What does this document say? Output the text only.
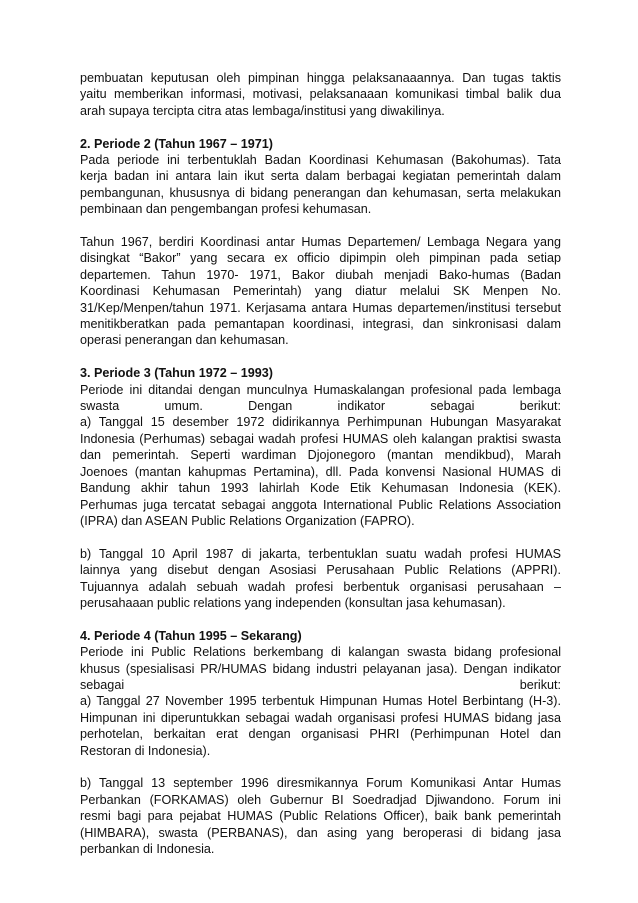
pembuatan keputusan oleh pimpinan hingga pelaksanaaannya. Dan tugas taktis
yaitu memberikan informasi, motivasi, pelaksanaaan komunikasi timbal balik dua
arah supaya tercipta citra atas lembaga/institusi yang diwakilinya.
2. Periode 2 (Tahun 1967 – 1971)
Pada periode ini terbentuklah Badan Koordinasi Kehumasan (Bakohumas). Tata
kerja badan ini antara lain ikut serta dalam berbagai kegiatan pemerintah dalam
pembangunan, khususnya di bidang penerangan dan kehumasan, serta melakukan
pembinaan dan pengembangan profesi kehumasan.
Tahun 1967, berdiri Koordinasi antar Humas Departemen/ Lembaga Negara yang
disingkat “Bakor” yang secara ex officio dipimpin oleh pimpinan pada setiap
departemen. Tahun 1970- 1971, Bakor diubah menjadi Bako-humas (Badan
Koordinasi Kehumasan Pemerintah) yang diatur melalui SK Menpen No.
31/Kep/Menpen/tahun 1971. Kerjasama antara Humas departemen/institusi tersebut
menitikberatkan pada pemantapan koordinasi, integrasi, dan sinkronisasi dalam
operasi penerangan dan kehumasan.
3. Periode 3 (Tahun 1972 – 1993)
Periode ini ditandai dengan munculnya Humaskalangan profesional pada lembaga
swasta umum. Dengan indikator sebagai berikut:
a) Tanggal 15 desember 1972 didirikannya Perhimpunan Hubungan Masyarakat
Indonesia (Perhumas) sebagai wadah profesi HUMAS oleh kalangan praktisi swasta
dan pemerintah. Seperti wardiman Djojonegoro (mantan mendikbud), Marah
Joenoes (mantan kahupmas Pertamina), dll. Pada konvensi Nasional HUMAS di
Bandung akhir tahun 1993 lahirlah Kode Etik Kehumasan Indonesia (KEK).
Perhumas juga tercatat sebagai anggota International Public Relations Association
(IPRA) dan ASEAN Public Relations Organization (FAPRO).
b) Tanggal 10 April 1987 di jakarta, terbentuklan suatu wadah profesi HUMAS
lainnya yang disebut dengan Asosiasi Perusahaan Public Relations (APPRI).
Tujuannya adalah sebuah wadah profesi berbentuk organisasi perusahaan –
perusahaaan public relations yang independen (konsultan jasa kehumasan).
4. Periode 4 (Tahun 1995 – Sekarang)
Periode ini Public Relations berkembang di kalangan swasta bidang profesional
khusus (spesialisasi PR/HUMAS bidang industri pelayanan jasa). Dengan indikator
sebagai berikut:
a) Tanggal 27 November 1995 terbentuk Himpunan Humas Hotel Berbintang (H-3).
Himpunan ini diperuntukkan sebagai wadah organisasi profesi HUMAS bidang jasa
perhotelan, berkaitan erat dengan organisasi PHRI (Perhimpunan Hotel dan
Restoran di Indonesia).
b) Tanggal 13 september 1996 diresmikannya Forum Komunikasi Antar Humas
Perbankan (FORKAMAS) oleh Gubernur BI Soedradjad Djiwandono. Forum ini
resmi bagi para pejabat HUMAS (Public Relations Officer), baik bank pemerintah
(HIMBARA), swasta (PERBANAS), dan asing yang beroperasi di bidang jasa
perbankan di Indonesia.
